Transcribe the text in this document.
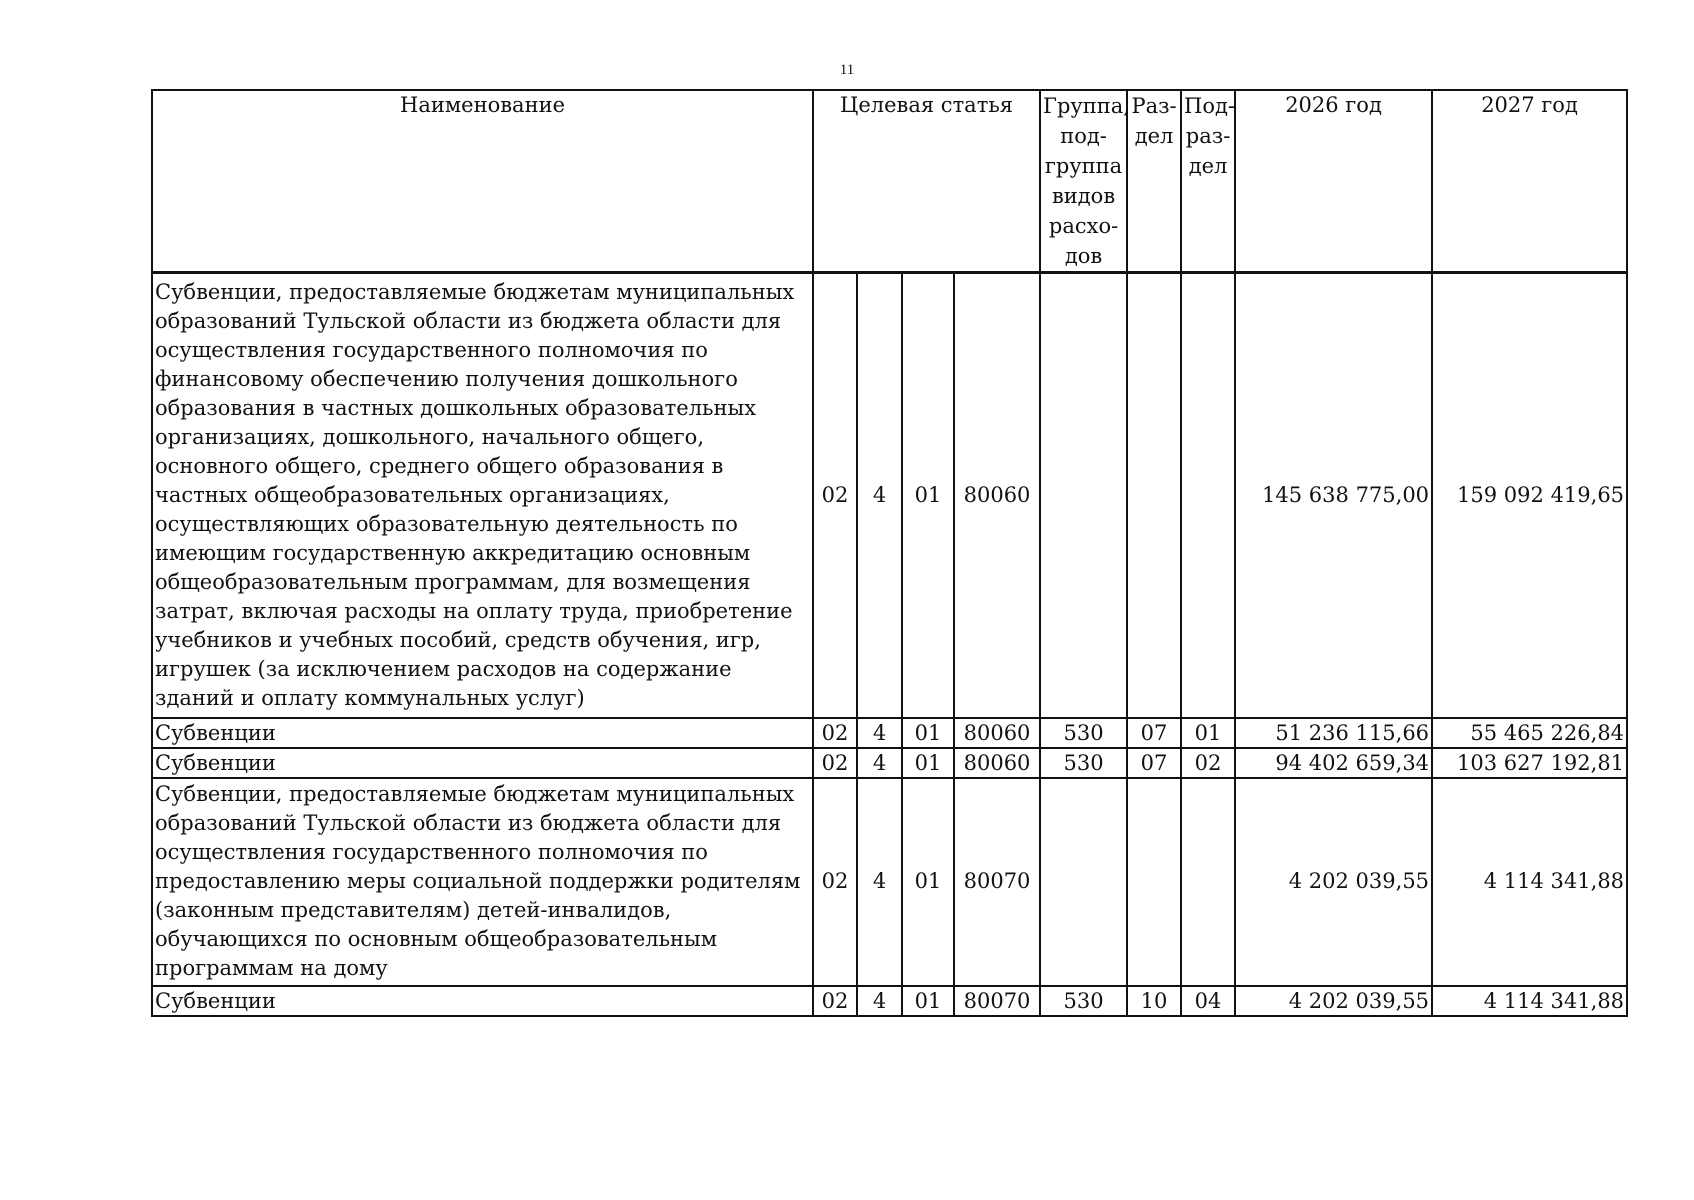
11
Наименование	Целевая статья				Группа, под-группа видов расхо-дов	Раз-дел	Под-раз-дел	2026 год	2027 год
Субвенции, предоставляемые бюджетам муниципальных образований Тульской области из бюджета области для осуществления государственного полномочия по финансовому обеспечению получения дошкольного образования в частных дошкольных образовательных организациях, дошкольного, начального общего, основного общего, среднего общего образования в частных общеобразовательных организациях, осуществляющих образовательную деятельность по имеющим государственную аккредитацию основным общеобразовательным программам, для возмещения затрат, включая расходы на оплату труда, приобретение учебников и учебных пособий, средств обучения, игр, игрушек (за исключением расходов на содержание зданий и оплату коммунальных услуг)	02	4	01	80060				145 638 775,00	159 092 419,65
Субвенции	02	4	01	80060	530	07	01	51 236 115,66	55 465 226,84
Субвенции	02	4	01	80060	530	07	02	94 402 659,34	103 627 192,81
Субвенции, предоставляемые бюджетам муниципальных образований Тульской области из бюджета области для осуществления государственного полномочия по предоставлению меры социальной поддержки родителям (законным представителям) детей-инвалидов, обучающихся по основным общеобразовательным программам на дому	02	4	01	80070				4 202 039,55	4 114 341,88
Субвенции	02	4	01	80070	530	10	04	4 202 039,55	4 114 341,88
